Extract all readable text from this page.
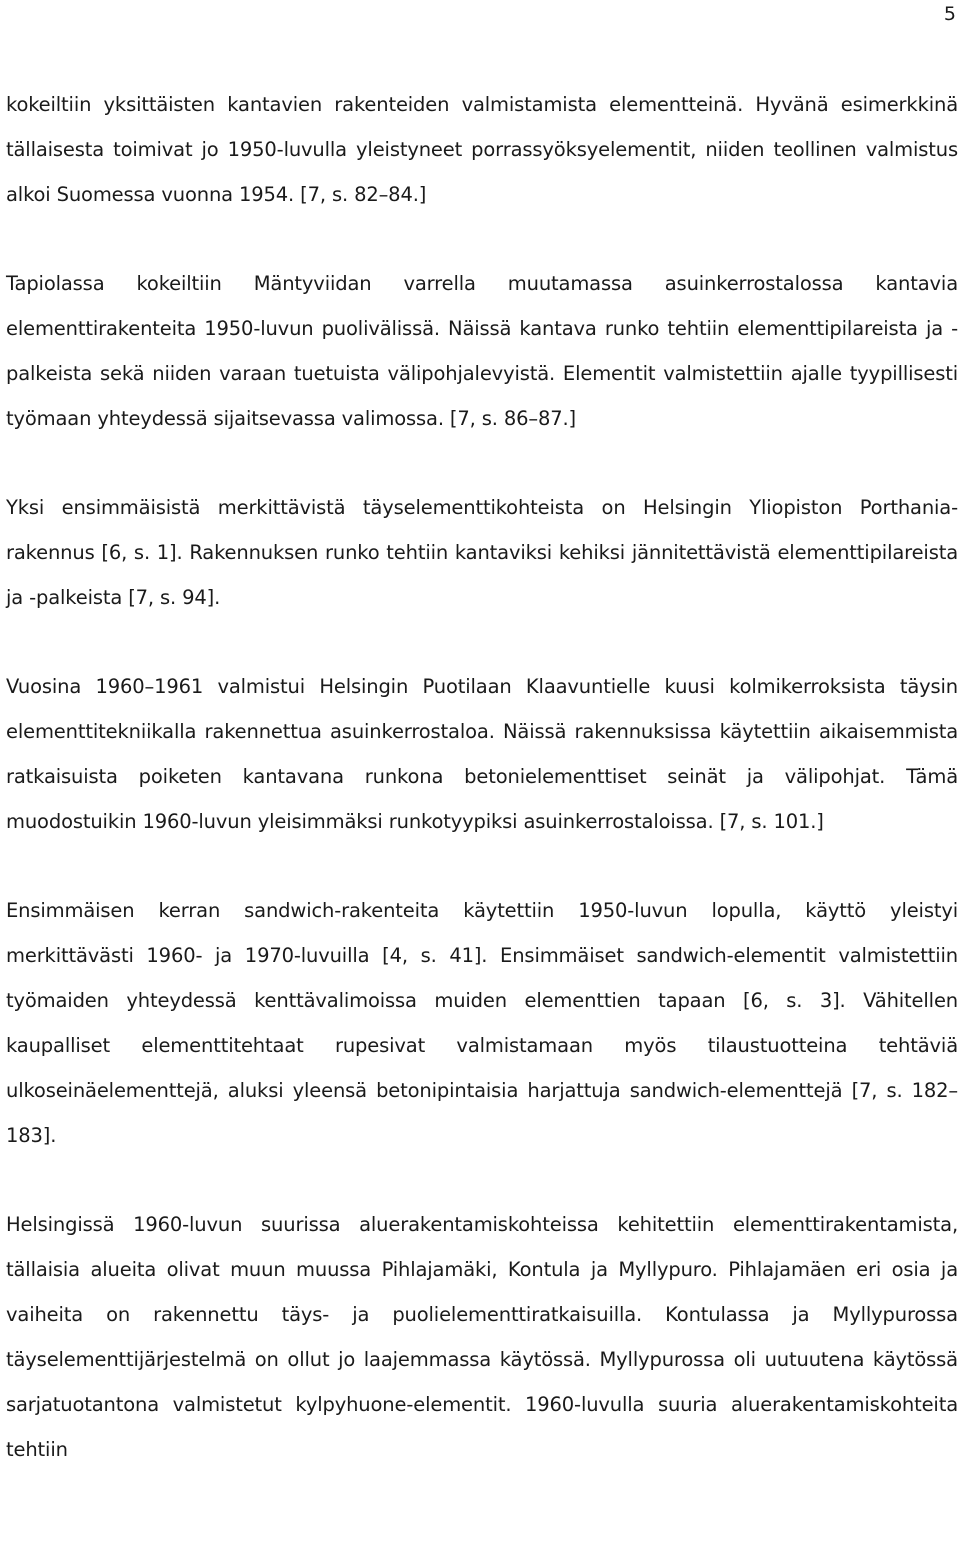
5

kokeiltiin yksittäisten kantavien rakenteiden valmistamista elementteinä. Hyvänä esimerkkinä tällaisesta toimivat jo 1950-luvulla yleistyneet porrassyöksyelementit, niiden teollinen valmistus alkoi Suomessa vuonna 1954. [7, s. 82–84.]

Tapiolassa kokeiltiin Mäntyviidan varrella muutamassa asuinkerrostalossa kantavia elementtirakenteita 1950-luvun puolivälissä. Näissä kantava runko tehtiin elementtipilareista ja -palkeista sekä niiden varaan tuetuista välipohjalevyistä. Elementit valmistettiin ajalle tyypillisesti työmaan yhteydessä sijaitsevassa valimossa. [7, s. 86–87.]

Yksi ensimmäisistä merkittävistä täyselementtikohteista on Helsingin Yliopiston Porthania-rakennus [6, s. 1]. Rakennuksen runko tehtiin kantaviksi kehiksi jännitettävistä elementtipilareista ja -palkeista [7, s. 94].

Vuosina 1960–1961 valmistui Helsingin Puotilaan Klaavuntielle kuusi kolmikerroksista täysin elementtitekniikalla rakennettua asuinkerrostaloa. Näissä rakennuksissa käytettiin aikaisemmista ratkaisuista poiketen kantavana runkona betonielementtiset seinät ja välipohjat. Tämä muodostuikin 1960-luvun yleisimmäksi runkotyypiksi asuinkerrostaloissa. [7, s. 101.]

Ensimmäisen kerran sandwich-rakenteita käytettiin 1950-luvun lopulla, käyttö yleistyi merkittävästi 1960- ja 1970-luvuilla [4, s. 41]. Ensimmäiset sandwich-elementit valmistettiin työmaiden yhteydessä kenttävalimoissa muiden elementtien tapaan [6, s. 3]. Vähitellen kaupalliset elementtitehtaat rupesivat valmistamaan myös tilaustuotteina tehtäviä ulkoseinäelementtejä, aluksi yleensä betonipintaisia harjattuja sandwich-elementtejä [7, s. 182–183].

Helsingissä 1960-luvun suurissa aluerakentamiskohteissa kehitettiin elementtirakentamista, tällaisia alueita olivat muun muussa Pihlajamäki, Kontula ja Myllypuro. Pihlajamäen eri osia ja vaiheita on rakennettu täys- ja puolielementtiratkaisuilla. Kontulassa ja Myllypurossa täyselementtijärjestelmä on ollut jo laajemmassa käytössä. Myllypurossa oli uutuutena käytössä sarjatuotantona valmistetut kylpyhuone-elementit. 1960-luvulla suuria aluerakentamiskohteita tehtiin
